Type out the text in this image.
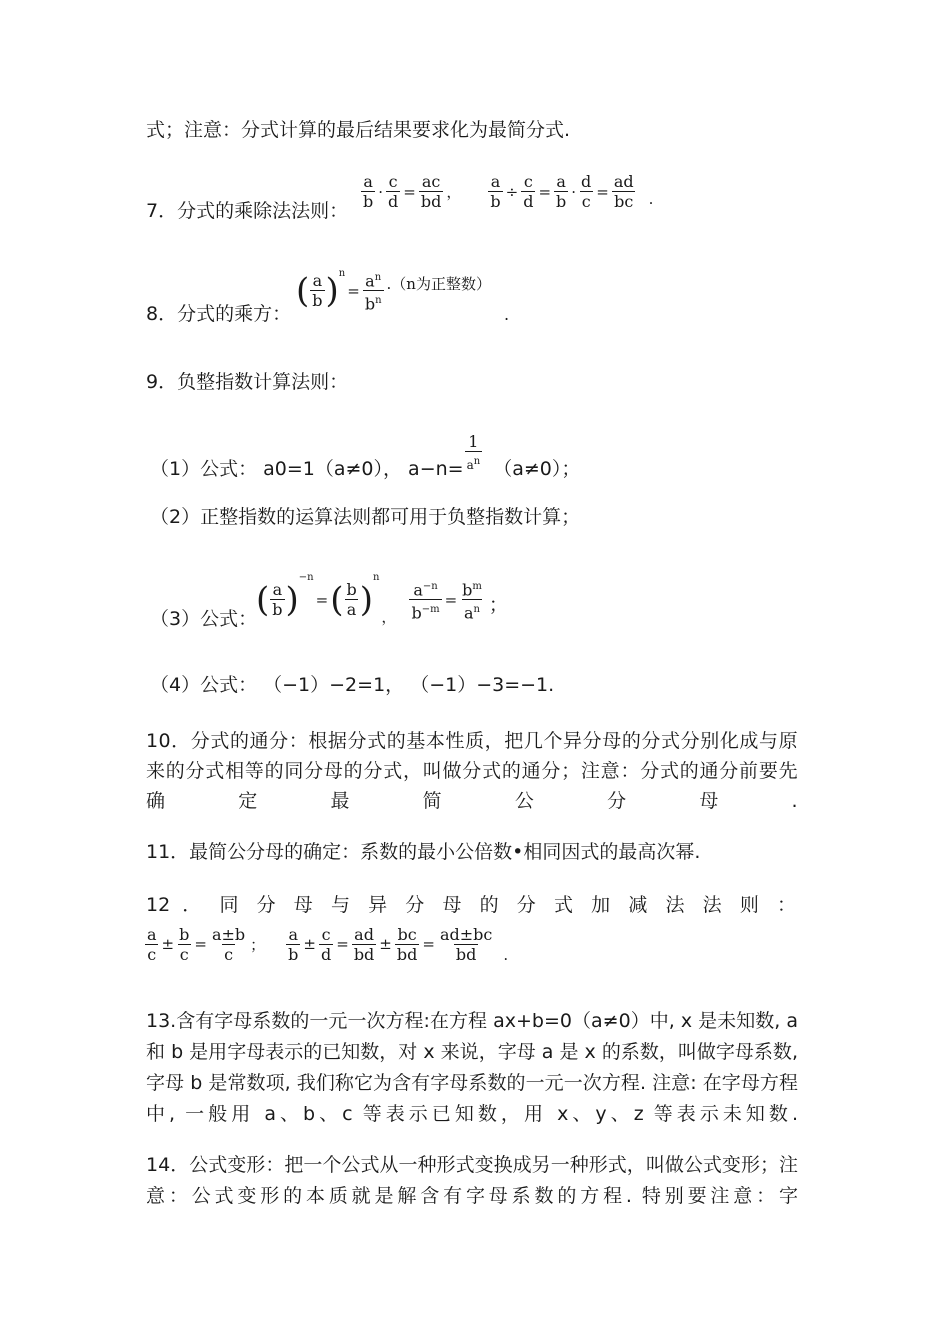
式；注意：分式计算的最后结果要求化为最简分式.
7．分式的乘除法法则： $\frac{a}{b} \cdot \frac{c}{d} = \frac{ac}{bd}$ ， $\frac{a}{b} \div \frac{c}{d} = \frac{a}{b} \cdot \frac{d}{c} = \frac{ad}{bc}$ .
8．分式的乘方：
( $\frac{a}{b}$ ) n
= $\frac{a^n}{b^n} .(n$为正整数）
.
9．负整指数计算法则：
（1）公式： a0=1（a≠0）， $a-n= \frac{1}{a^n} (a\ne 0)$；
（2）正整指数的运算法则都可用于负整指数计算；
（3）公式：
( $\frac{a}{b}$ )
−n
= ( $\frac{b}{a}$ )
n
， $\frac{a^{-n}}{b^{-m}} = \frac{b^m}{a^n}$ ；
（4）公式： （−1）−2=1， （−1）−3=−1.
10．分式的通分：根据分式的基本性质，把几个异分母的分式分别化成与原来的分式相等的同分母的分式，叫做分式的通分；注意：分式的通分前要先确定最简公分母.
11．最简公分母的确定：系数的最小公倍数•相同因式的最高次幂.
12 ． 同 分 母 与 异 分 母 的 分 式 加 减 法 法 则 ：
$\frac{a}{c} \pm \frac{b}{c} = \frac{a\pm b}{c}$ ； $\frac{a}{b} \pm \frac{c}{d} = \frac{ad}{bd} \pm \frac{bc}{bd} = \frac{ad\pm bc}{bd}$ .
13.含有字母系数的一元一次方程:在方程 ax+b=0（a≠0）中, x 是未知数, a 和 b 是用字母表示的已知数，对 x 来说，字母 a 是 x 的系数，叫做字母系数, 字母 b 是常数项, 我们称它为含有字母系数的一元一次方程. 注意: 在字母方程中, 一般用 a、b、c 等表示已知数，用 x、y、z 等表示未知数.
14．公式变形：把一个公式从一种形式变换成另一种形式，叫做公式变形；注意：公式变形的本质就是解含有字母系数的方程. 特别要注意：字
